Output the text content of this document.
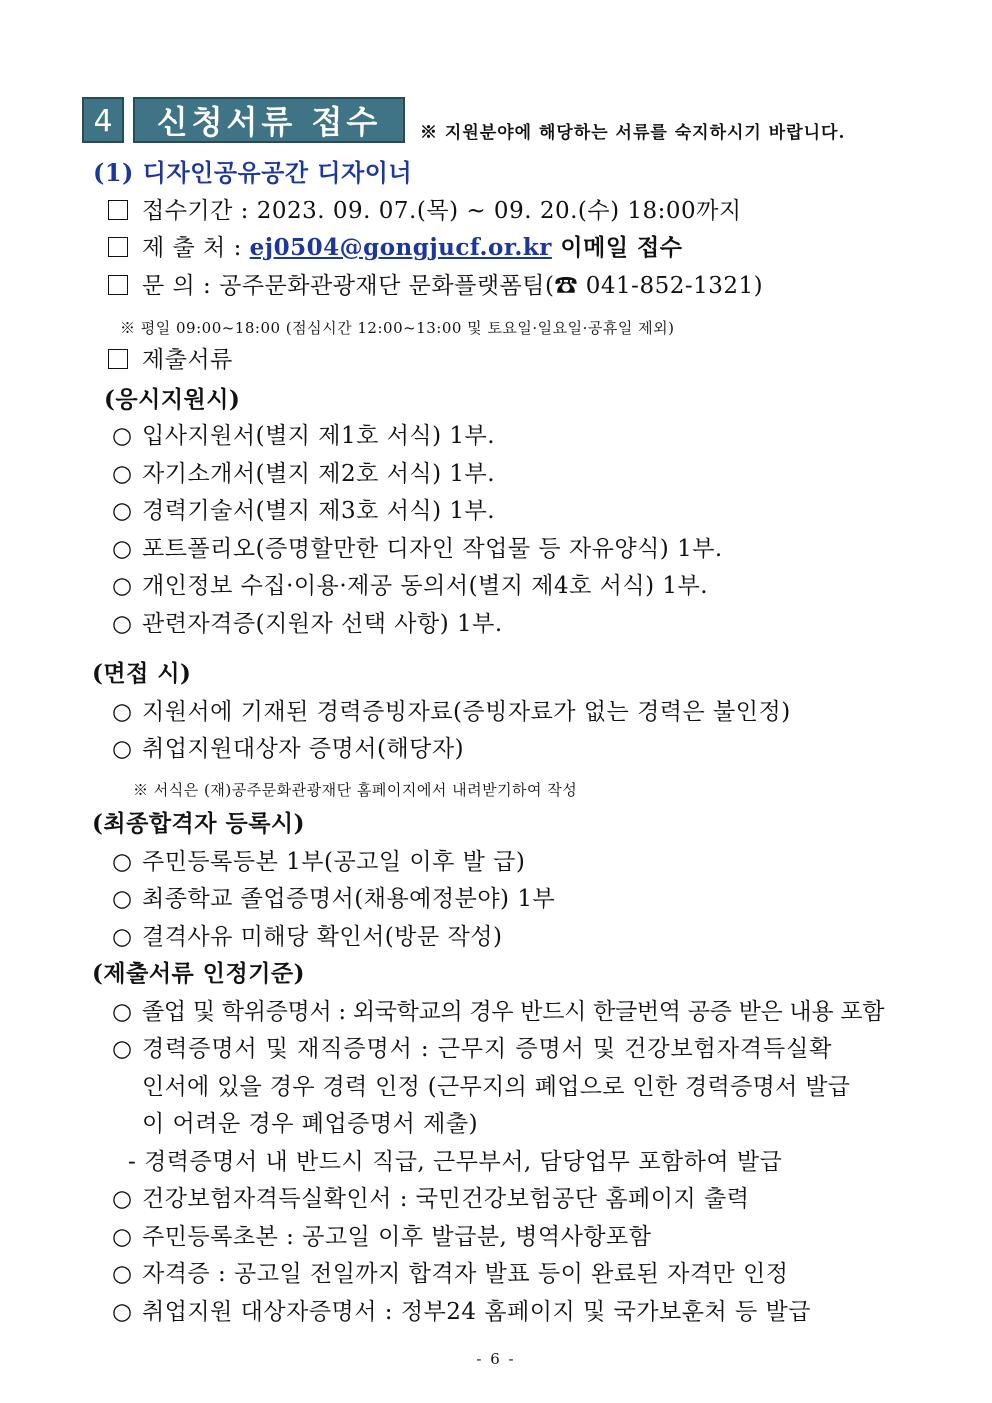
4	신청서류 접수	※ 지원분야에 해당하는 서류를 숙지하시기 바랍니다.
(1) 디자인공유공간 디자이너
접수기간 : 2023. 09. 07.(목) ~ 09. 20.(수) 18:00까지
제 출 처 : ej0504@gongjucf.or.kr 이메일 접수
문 의 : 공주문화관광재단 문화플랫폼팀(☎ 041-852-1321)
※ 평일 09:00~18:00 (점심시간 12:00~13:00 및 토요일·일요일·공휴일 제외)
제출서류
(응시지원시)
○ 입사지원서(별지 제1호 서식) 1부.
○ 자기소개서(별지 제2호 서식) 1부.
○ 경력기술서(별지 제3호 서식) 1부.
○ 포트폴리오(증명할만한 디자인 작업물 등 자유양식) 1부.
○ 개인정보 수집·이용·제공 동의서(별지 제4호 서식) 1부.
○ 관련자격증(지원자 선택 사항) 1부.
(면접 시)
○ 지원서에 기재된 경력증빙자료(증빙자료가 없는 경력은 불인정)
○ 취업지원대상자 증명서(해당자)
※ 서식은 (재)공주문화관광재단 홈페이지에서 내려받기하여 작성
(최종합격자 등록시)
○ 주민등록등본 1부(공고일 이후 발 급)
○ 최종학교 졸업증명서(채용예정분야) 1부
○ 결격사유 미해당 확인서(방문 작성)
(제출서류 인정기준)
○ 졸업 및 학위증명서 : 외국학교의 경우 반드시 한글번역 공증 받은 내용 포함
○ 경력증명서 및 재직증명서 : 근무지 증명서 및 건강보험자격득실확
인서에 있을 경우 경력 인정 (근무지의 폐업으로 인한 경력증명서 발급
이 어려운 경우 폐업증명서 제출)
- 경력증명서 내 반드시 직급, 근무부서, 담당업무 포함하여 발급
○ 건강보험자격득실확인서 : 국민건강보험공단 홈페이지 출력
○ 주민등록초본 : 공고일 이후 발급분, 병역사항포함
○ 자격증 : 공고일 전일까지 합격자 발표 등이 완료된 자격만 인정
○ 취업지원 대상자증명서 : 정부24 홈페이지 및 국가보훈처 등 발급
- 6 -
